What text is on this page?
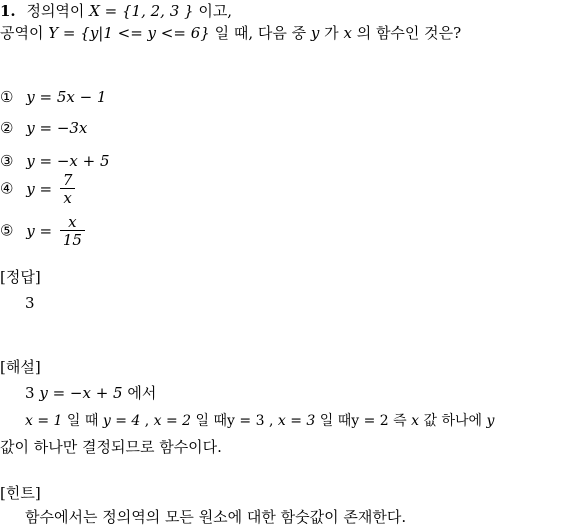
1. 정의역이 X = {1, 2, 3 } 이고,
공역이 Y = {y|1 <= y <= 6} 일 때, 다음 중 y 가 x 의 함수인 것은?
① y = 5x − 1
② y = −3x
③ y = −x + 5
④ $y = \frac{7}{x}$
⑤ $y = \frac{x}{15}$
[정답]
3
[해설]
3 y = −x + 5 에서
x = 1 일 때 y = 4 , x = 2 일 때y = 3 , x = 3 일 때y = 2 즉 x 값 하나에 y
값이 하나만 결정되므로 함수이다.
[힌트]
함수에서는 정의역의 모든 원소에 대한 함숫값이 존재한다.
